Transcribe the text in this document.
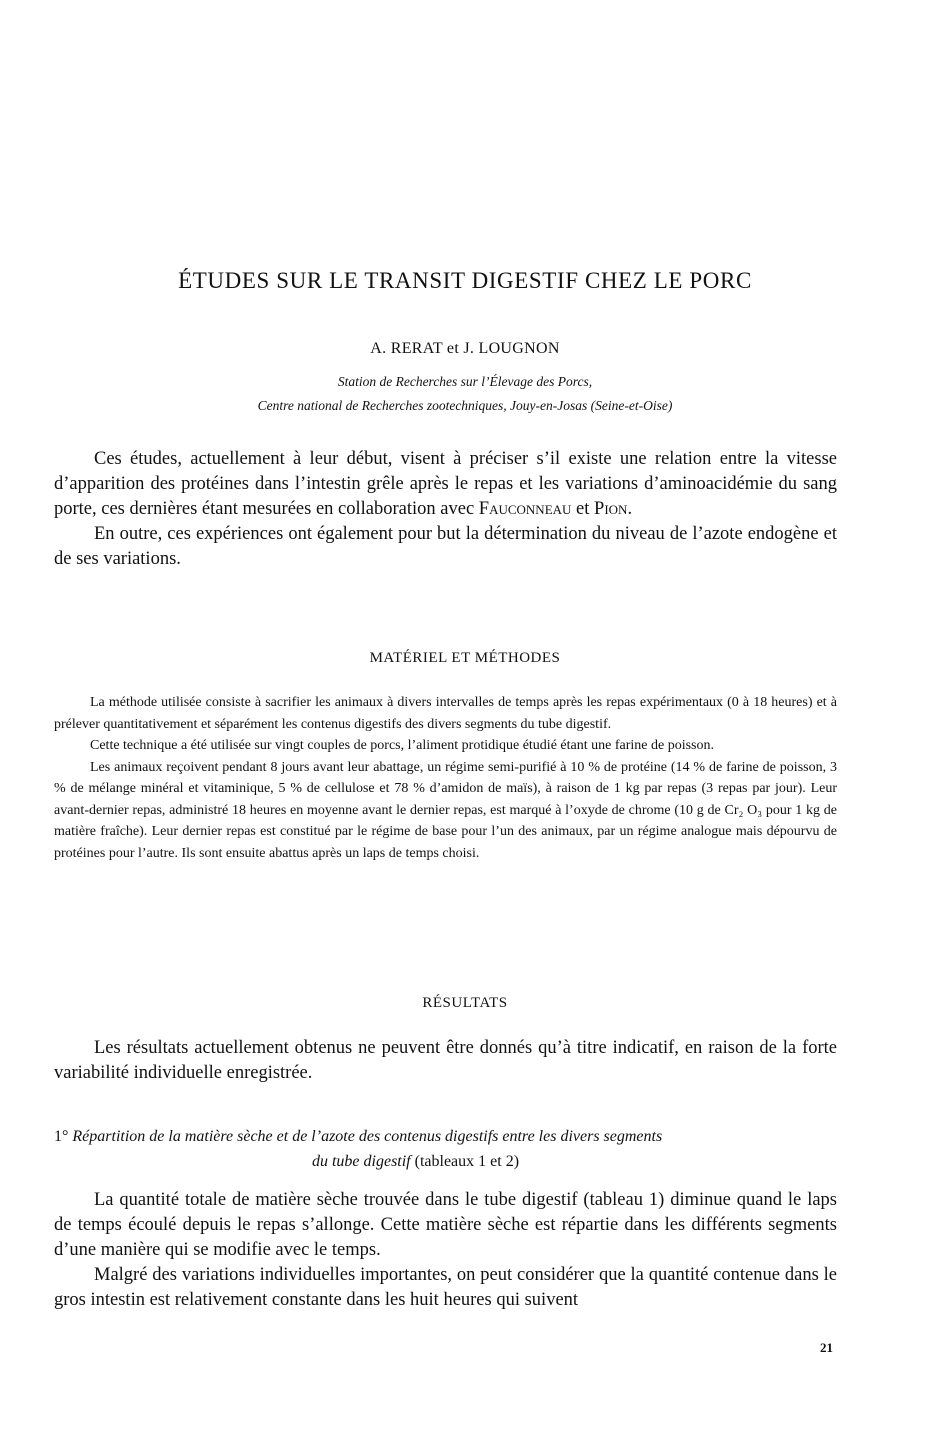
ÉTUDES SUR LE TRANSIT DIGESTIF CHEZ LE PORC
A. RERAT et J. LOUGNON
Station de Recherches sur l’Élevage des Porcs,
Centre national de Recherches zootechniques, Jouy-en-Josas (Seine-et-Oise)

Ces études, actuellement à leur début, visent à préciser s’il existe une relation entre la vitesse d’apparition des protéines dans l’intestin grêle après le repas et les variations d’aminoacidémie du sang porte, ces dernières étant mesurées en collaboration avec Fauconneau et Pion.

En outre, ces expériences ont également pour but la détermination du niveau de l’azote endogène et de ses variations.

MATÉRIEL ET MÉTHODES

La méthode utilisée consiste à sacrifier les animaux à divers intervalles de temps après les repas expérimentaux (0 à 18 heures) et à prélever quantitativement et séparément les contenus digestifs des divers segments du tube digestif.

Cette technique a été utilisée sur vingt couples de porcs, l’aliment protidique étudié étant une farine de poisson.

Les animaux reçoivent pendant 8 jours avant leur abattage, un régime semi-purifié à 10 % de protéine (14 % de farine de poisson, 3 % de mélange minéral et vitaminique, 5 % de cellulose et 78 % d’amidon de maïs), à raison de 1 kg par repas (3 repas par jour). Leur avant-dernier repas, administré 18 heures en moyenne avant le dernier repas, est marqué à l’oxyde de chrome (10 g de Cr₂ O₃ pour 1 kg de matière fraîche). Leur dernier repas est constitué par le régime de base pour l’un des animaux, par un régime analogue mais dépourvu de protéines pour l’autre. Ils sont ensuite abattus après un laps de temps choisi.

RÉSULTATS

Les résultats actuellement obtenus ne peuvent être donnés qu’à titre indicatif, en raison de la forte variabilité individuelle enregistrée.

1° Répartition de la matière sèche et de l’azote des contenus digestifs entre les divers segments
du tube digestif (tableaux 1 et 2)

La quantité totale de matière sèche trouvée dans le tube digestif (tableau 1) diminue quand le laps de temps écoulé depuis le repas s’allonge. Cette matière sèche est répartie dans les différents segments d’une manière qui se modifie avec le temps.

Malgré des variations individuelles importantes, on peut considérer que la quantité contenue dans le gros intestin est relativement constante dans les huit heures qui suivent

21
